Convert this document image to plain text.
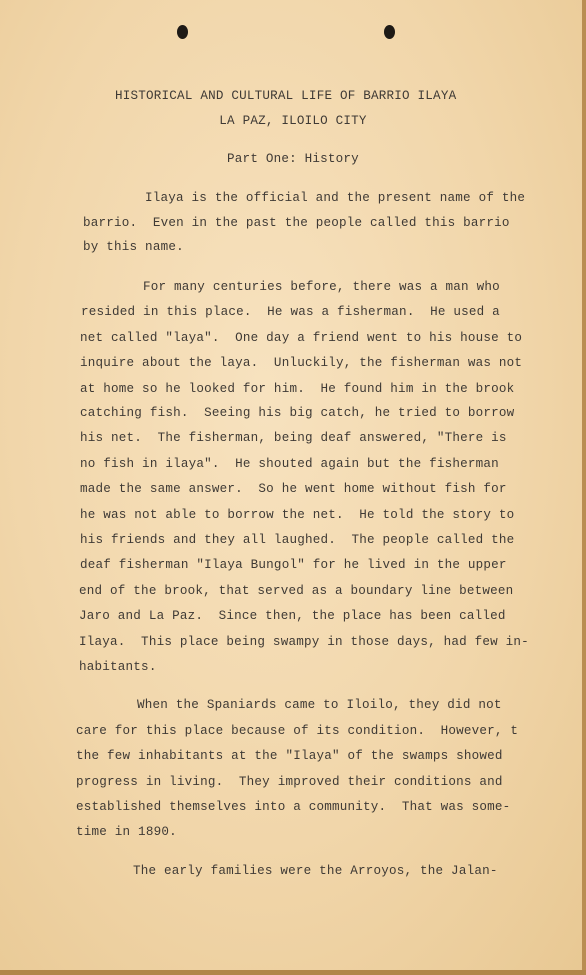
HISTORICAL AND CULTURAL LIFE OF BARRIO ILAYA
LA PAZ, ILOILO CITY
Part One: History
Ilaya is the official and the present name of the
barrio.  Even in the past the people called this barrio
by this name.
For many centuries before, there was a man who
resided in this place.  He was a fisherman.  He used a
net called "laya".  One day a friend went to his house to
inquire about the laya.  Unluckily, the fisherman was not
at home so he looked for him.  He found him in the brook
catching fish.  Seeing his big catch, he tried to borrow
his net.  The fisherman, being deaf answered, "There is
no fish in ilaya".  He shouted again but the fisherman
made the same answer.  So he went home without fish for
he was not able to borrow the net.  He told the story to
his friends and they all laughed.  The people called the
deaf fisherman "Ilaya Bungol" for he lived in the upper
end of the brook, that served as a boundary line between
Jaro and La Paz.  Since then, the place has been called
Ilaya.  This place being swampy in those days, had few in-
habitants.
When the Spaniards came to Iloilo, they did not
care for this place because of its condition.  However, t
the few inhabitants at the "Ilaya" of the swamps showed
progress in living.  They improved their conditions and
established themselves into a community.  That was some-
time in 1890.
The early families were the Arroyos, the Jalan-
